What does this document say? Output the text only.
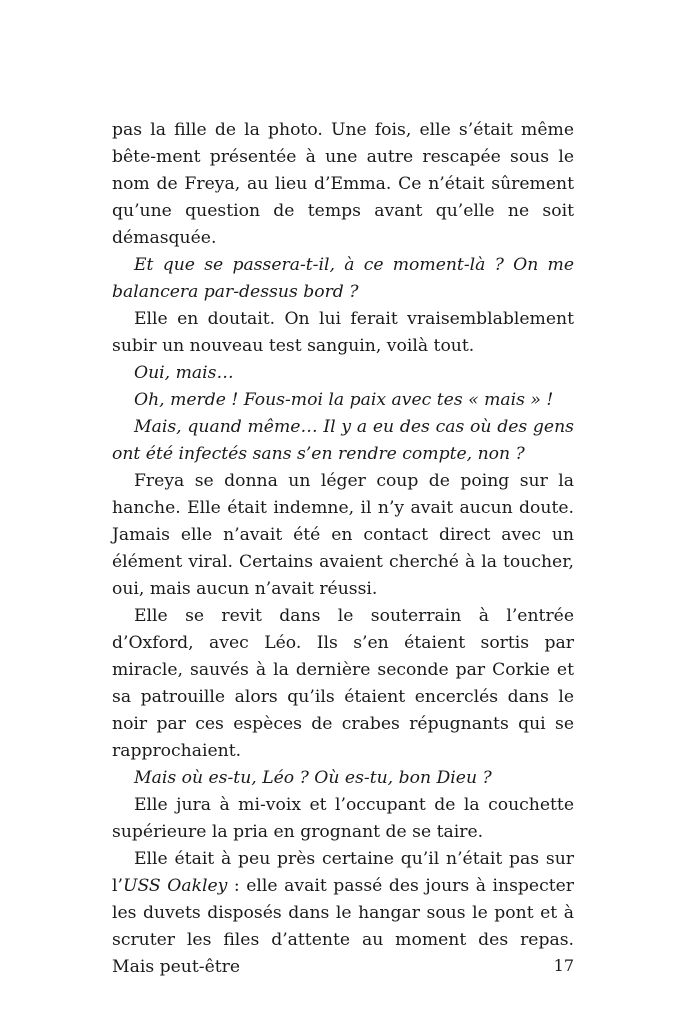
pas la fille de la photo. Une fois, elle s’était même bête-ment présentée à une autre rescapée sous le nom de Freya, au lieu d’Emma. Ce n’était sûrement qu’une question de temps avant qu’elle ne soit démasquée.

Et que se passera-t-il, à ce moment-là ? On me balancera par-dessus bord ?

Elle en doutait. On lui ferait vraisemblablement subir un nouveau test sanguin, voilà tout.

Oui, mais…

Oh, merde ! Fous-moi la paix avec tes « mais » !

Mais, quand même… Il y a eu des cas où des gens ont été infectés sans s’en rendre compte, non ?

Freya se donna un léger coup de poing sur la hanche. Elle était indemne, il n’y avait aucun doute. Jamais elle n’avait été en contact direct avec un élément viral. Certains avaient cherché à la toucher, oui, mais aucun n’avait réussi.

Elle se revit dans le souterrain à l’entrée d’Oxford, avec Léo. Ils s’en étaient sortis par miracle, sauvés à la dernière seconde par Corkie et sa patrouille alors qu’ils étaient encerclés dans le noir par ces espèces de crabes répugnants qui se rapprochaient.

Mais où es-tu, Léo ? Où es-tu, bon Dieu ?

Elle jura à mi-voix et l’occupant de la couchette supérieure la pria en grognant de se taire.

Elle était à peu près certaine qu’il n’était pas sur l’USS Oakley : elle avait passé des jours à inspecter les duvets disposés dans le hangar sous le pont et à scruter les files d’attente au moment des repas. Mais peut-être	17
